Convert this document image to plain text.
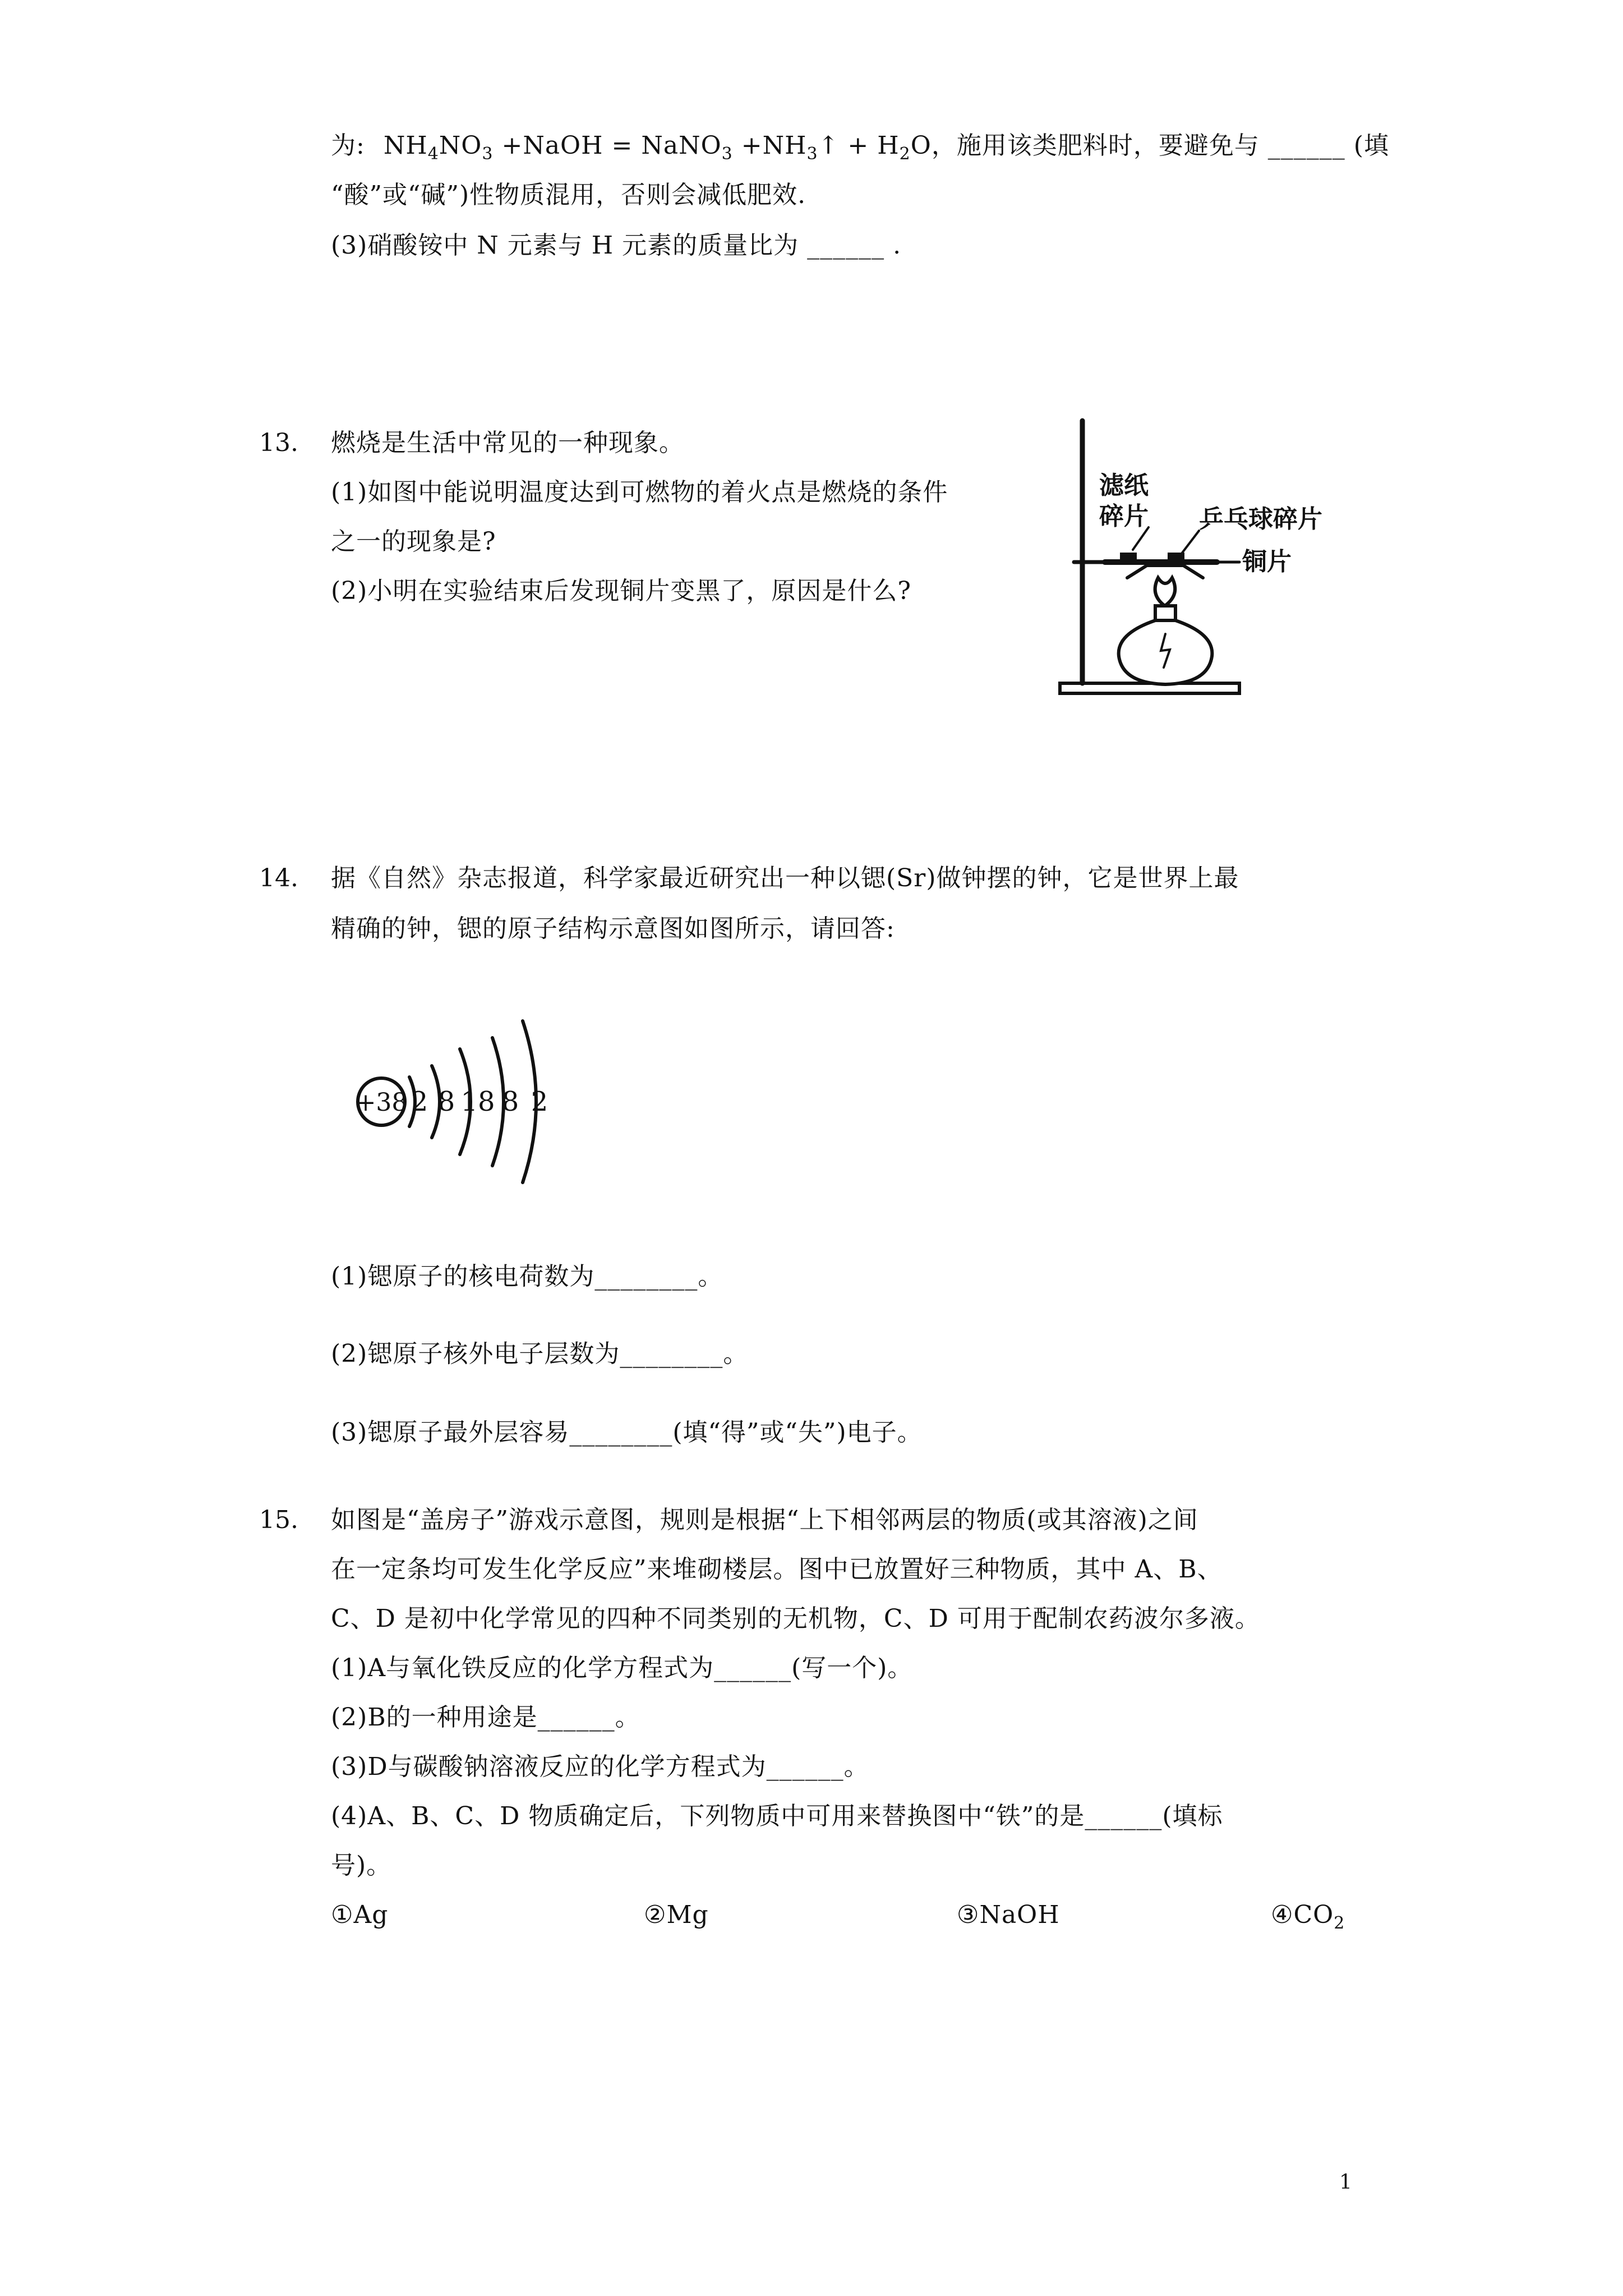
为: $NH_4NO_3$ +NaOH = NaNO$_3$ $+NH_3↑ + H_2O$，施用该类肥料时，要避免与 ______ (填
“酸”或“碱”)性物质混用，否则会减低肥效.
(3)硝酸铵中 N 元素与 H 元素的质量比为 ______ .
13. 燃烧是生活中常见的一种现象。
(1)如图中能说明温度达到可燃物的着火点是燃烧的条件
之一的现象是?
(2)小明在实验结束后发现铜片变黑了，原因是什么?
滤纸
碎片 乒乓球碎片
铜片
14. 据《自然》杂志报道，科学家最近研究出一种以锶(Sr)做钟摆的钟，它是世界上最
精确的钟，锶的原子结构示意图如图所示，请回答:
+38 2 8 18 8 2
(1)锶原子的核电荷数为________。
(2)锶原子核外电子层数为________。
(3)锶原子最外层容易________(填“得”或“失”)电子。
15. 如图是“盖房子”游戏示意图，规则是根据“上下相邻两层的物质(或其溶液)之间
在一定条均可发生化学反应”来堆砌楼层。图中已放置好三种物质，其中 A、B、
C、D 是初中化学常见的四种不同类别的无机物，C、D 可用于配制农药波尔多液。
(1)A与氧化铁反应的化学方程式为______(写一个)。
(2)B的一种用途是______。
(3)D与碳酸钠溶液反应的化学方程式为______。
(4)A、B、C、D 物质确定后，下列物质中可用来替换图中“铁”的是______(填标
号)。
①Ag	②Mg	③NaOH	$④CO_2$
1
